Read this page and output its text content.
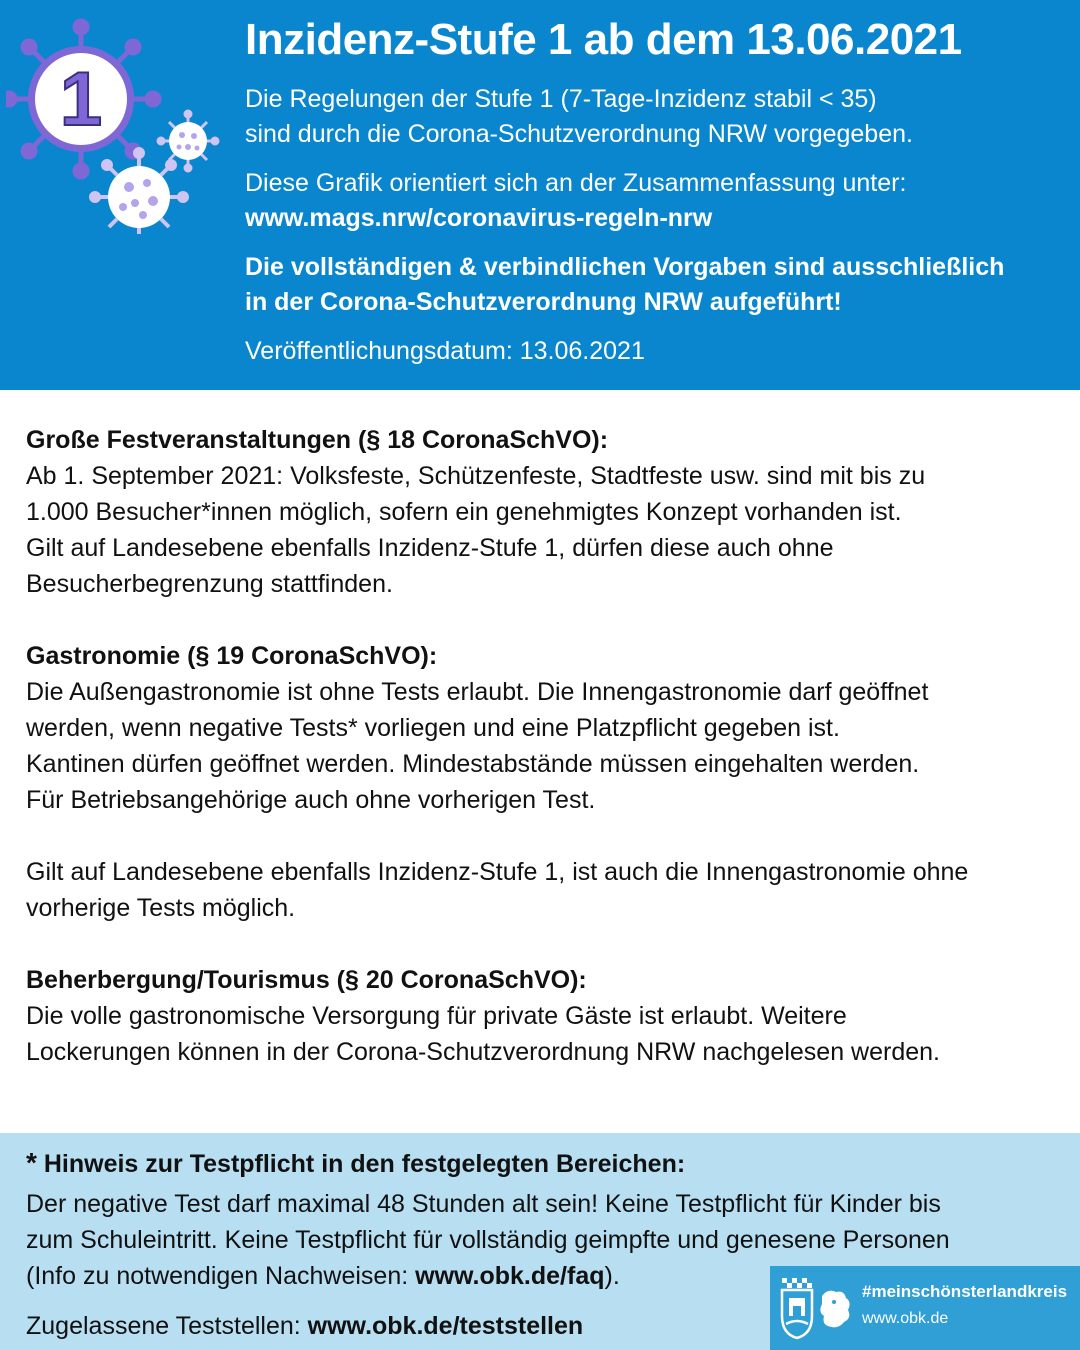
1
Inzidenz-Stufe 1 ab dem 13.06.2021

Die Regelungen der Stufe 1 (7-Tage-Inzidenz stabil < 35)

sind durch die Corona-Schutzverordnung NRW vorgegeben.

Diese Grafik orientiert sich an der Zusammenfassung unter:

www.mags.nrw/coronavirus-regeln-nrw

Die vollständigen & verbindlichen Vorgaben sind ausschließlich

in der Corona-Schutzverordnung NRW aufgeführt!

Veröffentlichungsdatum: 13.06.2021

Große Festveranstaltungen (§ 18 CoronaSchVO):

Ab 1. September 2021: Volksfeste, Schützenfeste, Stadtfeste usw. sind mit bis zu

1.000 Besucher*innen möglich, sofern ein genehmigtes Konzept vorhanden ist.

Gilt auf Landesebene ebenfalls Inzidenz-Stufe 1, dürfen diese auch ohne

Besucherbegrenzung stattfinden.

Gastronomie (§ 19 CoronaSchVO):

Die Außengastronomie ist ohne Tests erlaubt. Die Innengastronomie darf geöffnet

werden, wenn negative Tests* vorliegen und eine Platzpflicht gegeben ist.

Kantinen dürfen geöffnet werden. Mindestabstände müssen eingehalten werden.

Für Betriebsangehörige auch ohne vorherigen Test.

Gilt auf Landesebene ebenfalls Inzidenz-Stufe 1, ist auch die Innengastronomie ohne

vorherige Tests möglich.

Beherbergung/Tourismus (§ 20 CoronaSchVO):

Die volle gastronomische Versorgung für private Gäste ist erlaubt. Weitere

Lockerungen können in der Corona-Schutzverordnung NRW nachgelesen werden.

* Hinweis zur Testpflicht in den festgelegten Bereichen:

Der negative Test darf maximal 48 Stunden alt sein! Keine Testpflicht für Kinder bis

zum Schuleintritt. Keine Testpflicht für vollständig geimpfte und genesene Personen

(Info zu notwendigen Nachweisen: www.obk.de/faq).

Zugelassene Teststellen: www.obk.de/teststellen

#meinschönsterlandkreis
www.obk.de
